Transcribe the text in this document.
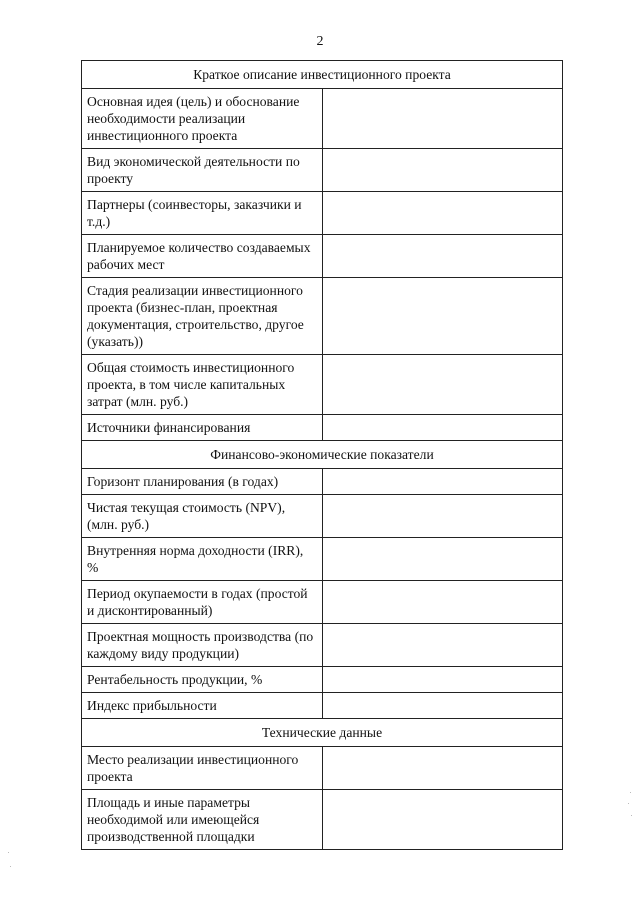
2
Краткое описание инвестиционного проекта	
Основная идея (цель) и обоснование необходимости реализации инвестиционного проекта	
Вид экономической деятельности по проекту	
Партнеры (соинвесторы, заказчики и т.д.)	
Планируемое количество создаваемых рабочих мест	
Стадия реализации инвестиционного проекта (бизнес-план, проектная документация, строительство, другое (указать))	
Общая стоимость инвестиционного проекта, в том числе капитальных затрат (млн. руб.)	
Источники финансирования	
Финансово-экономические показатели	
Горизонт планирования (в годах)	
Чистая текущая стоимость (NPV), (млн. руб.)	
Внутренняя норма доходности (IRR), %	
Период окупаемости в годах (простой и дисконтированный)	
Проектная мощность производства (по каждому виду продукции)	
Рентабельность продукции, %	
Индекс прибыльности	
Технические данные	
Место реализации инвестиционного проекта	
Площадь и иные параметры необходимой или имеющейся производственной площадки	
